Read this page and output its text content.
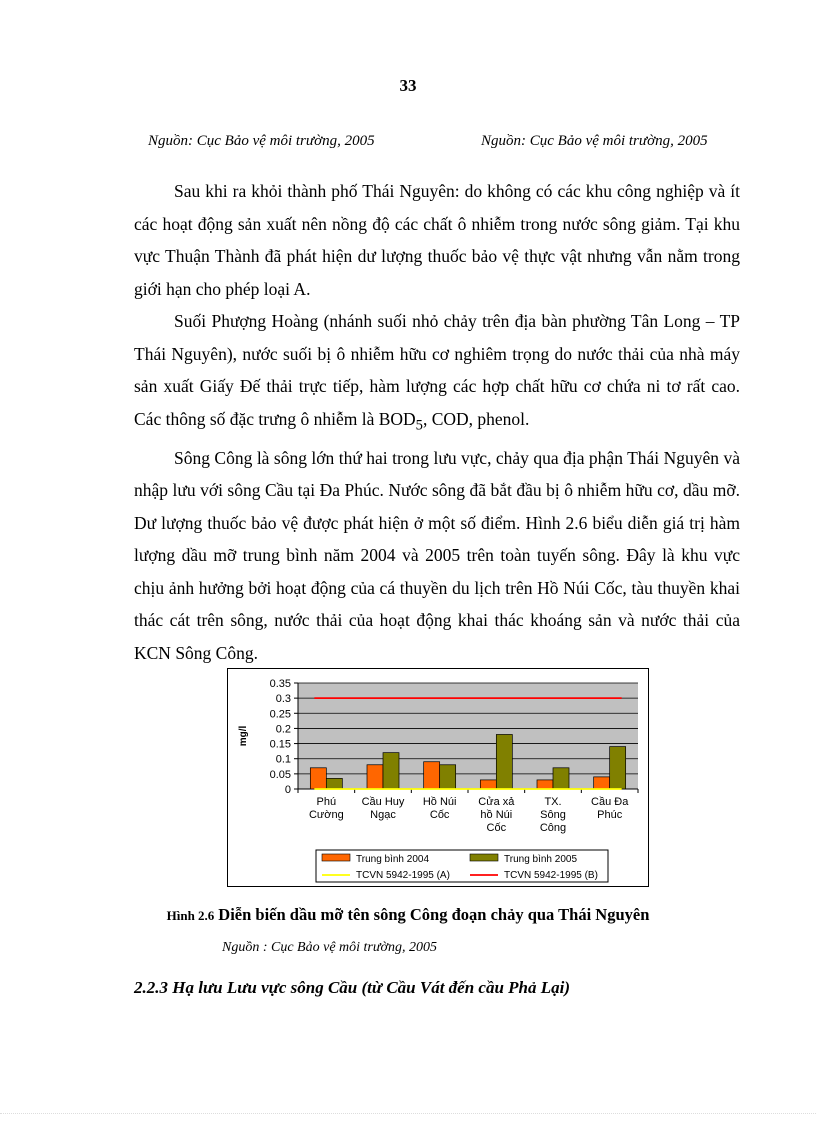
33
Nguồn: Cục Bảo vệ môi trường, 2005	Nguồn: Cục Bảo vệ môi trường, 2005

Sau khi ra khỏi thành phố Thái Nguyên: do không có các khu công nghiệp và ít các hoạt động sản xuất nên nồng độ các chất ô nhiễm trong nước sông giảm. Tại khu vực Thuận Thành đã phát hiện dư lượng thuốc bảo vệ thực vật nhưng vẫn nằm trong giới hạn cho phép loại A.

Suối Phượng Hoàng (nhánh suối nhỏ chảy trên địa bàn phường Tân Long – TP Thái Nguyên), nước suối bị ô nhiễm hữu cơ nghiêm trọng do nước thải của nhà máy sản xuất Giấy Đế thải trực tiếp, hàm lượng các hợp chất hữu cơ chứa ni tơ rất cao. Các thông số đặc trưng ô nhiễm là $BOD_5$, COD, phenol.

Sông Công là sông lớn thứ hai trong lưu vực, chảy qua địa phận Thái Nguyên và nhập lưu với sông Cầu tại Đa Phúc. Nước sông đã bắt đầu bị ô nhiễm hữu cơ, dầu mỡ. Dư lượng thuốc bảo vệ được phát hiện ở một số điểm. Hình 2.6 biểu diễn giá trị hàm lượng dầu mỡ trung bình năm 2004 và 2005 trên toàn tuyến sông. Đây là khu vực chịu ảnh hưởng bởi hoạt động của cá thuyền du lịch trên Hồ Núi Cốc, tàu thuyền khai thác cát trên sông, nước thải của hoạt động khai thác khoáng sản và nước thải của KCN Sông Công.

0.35
0.3
0.25
0.2
0.15
0.1
0.05
0
mg/l
Phú
Cường
Cầu Huy
Ngạc
Hồ Núi
Cốc
Cửa xả
hồ Núi
Cốc
TX.
Sông
Công
Cầu Đa
Phúc
Trung bình 2004	Trung bình 2005
TCVN 5942-1995 (A)	TCVN 5942-1995 (B)
Hình 2.6 Diễn biến dầu mỡ tên sông Công đoạn chảy qua Thái Nguyên
Nguồn : Cục Bảo vệ môi trường, 2005
2.2.3 Hạ lưu Lưu vực sông Cầu (từ Cầu Vát đến cầu Phả Lại)
